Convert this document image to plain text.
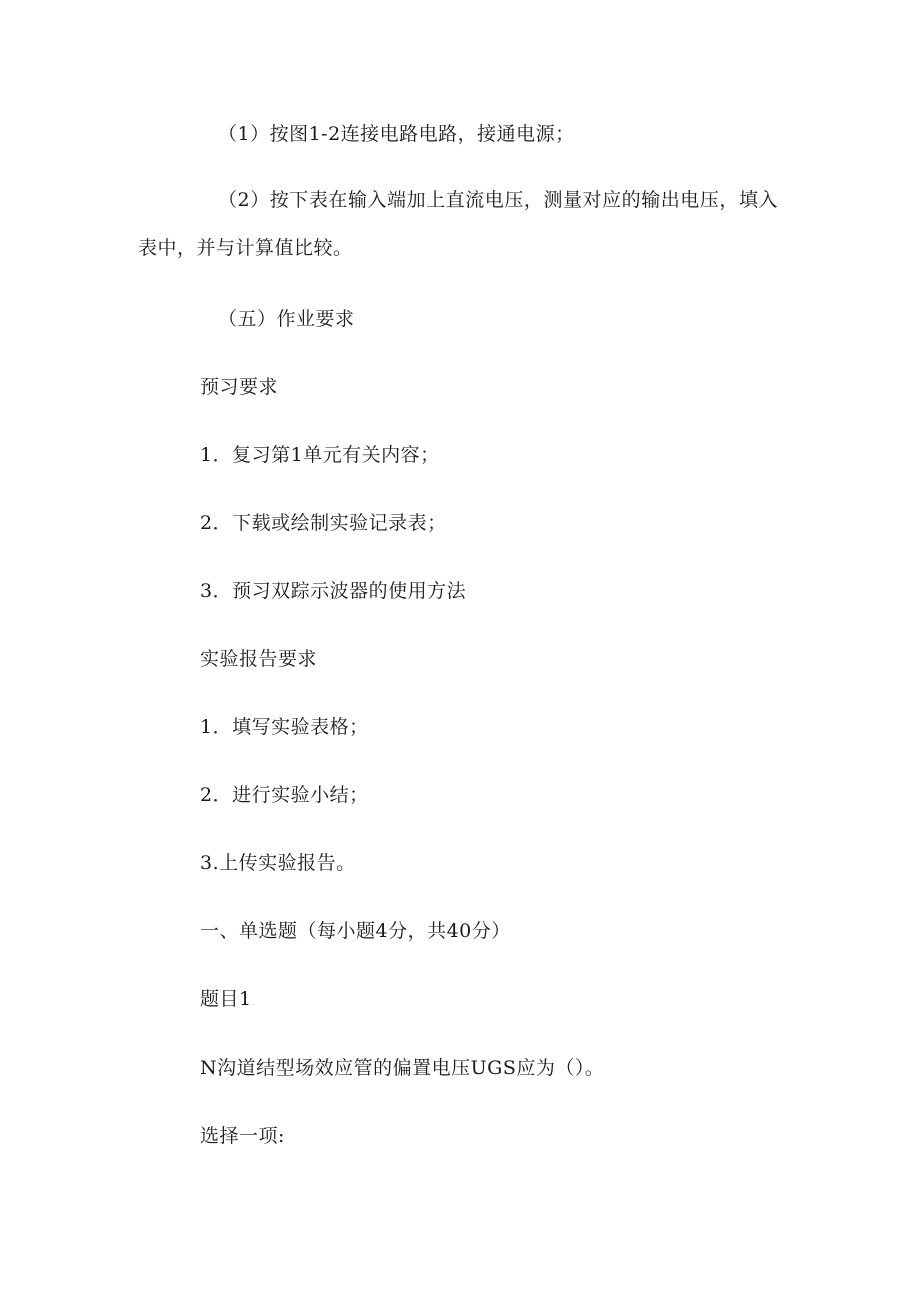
（1）按图1-2连接电路电路，接通电源；

（2）按下表在输入端加上直流电压，测量对应的输出电压，填入表中，并与计算值比较。

（五）作业要求

预习要求

1．复习第1单元有关内容；

2．下载或绘制实验记录表；

3．预习双踪示波器的使用方法

实验报告要求

1．填写实验表格；

2．进行实验小结；

3.上传实验报告。

一、单选题（每小题4分，共40分）

题目1

N沟道结型场效应管的偏置电压UGS应为（）。

选择一项:
